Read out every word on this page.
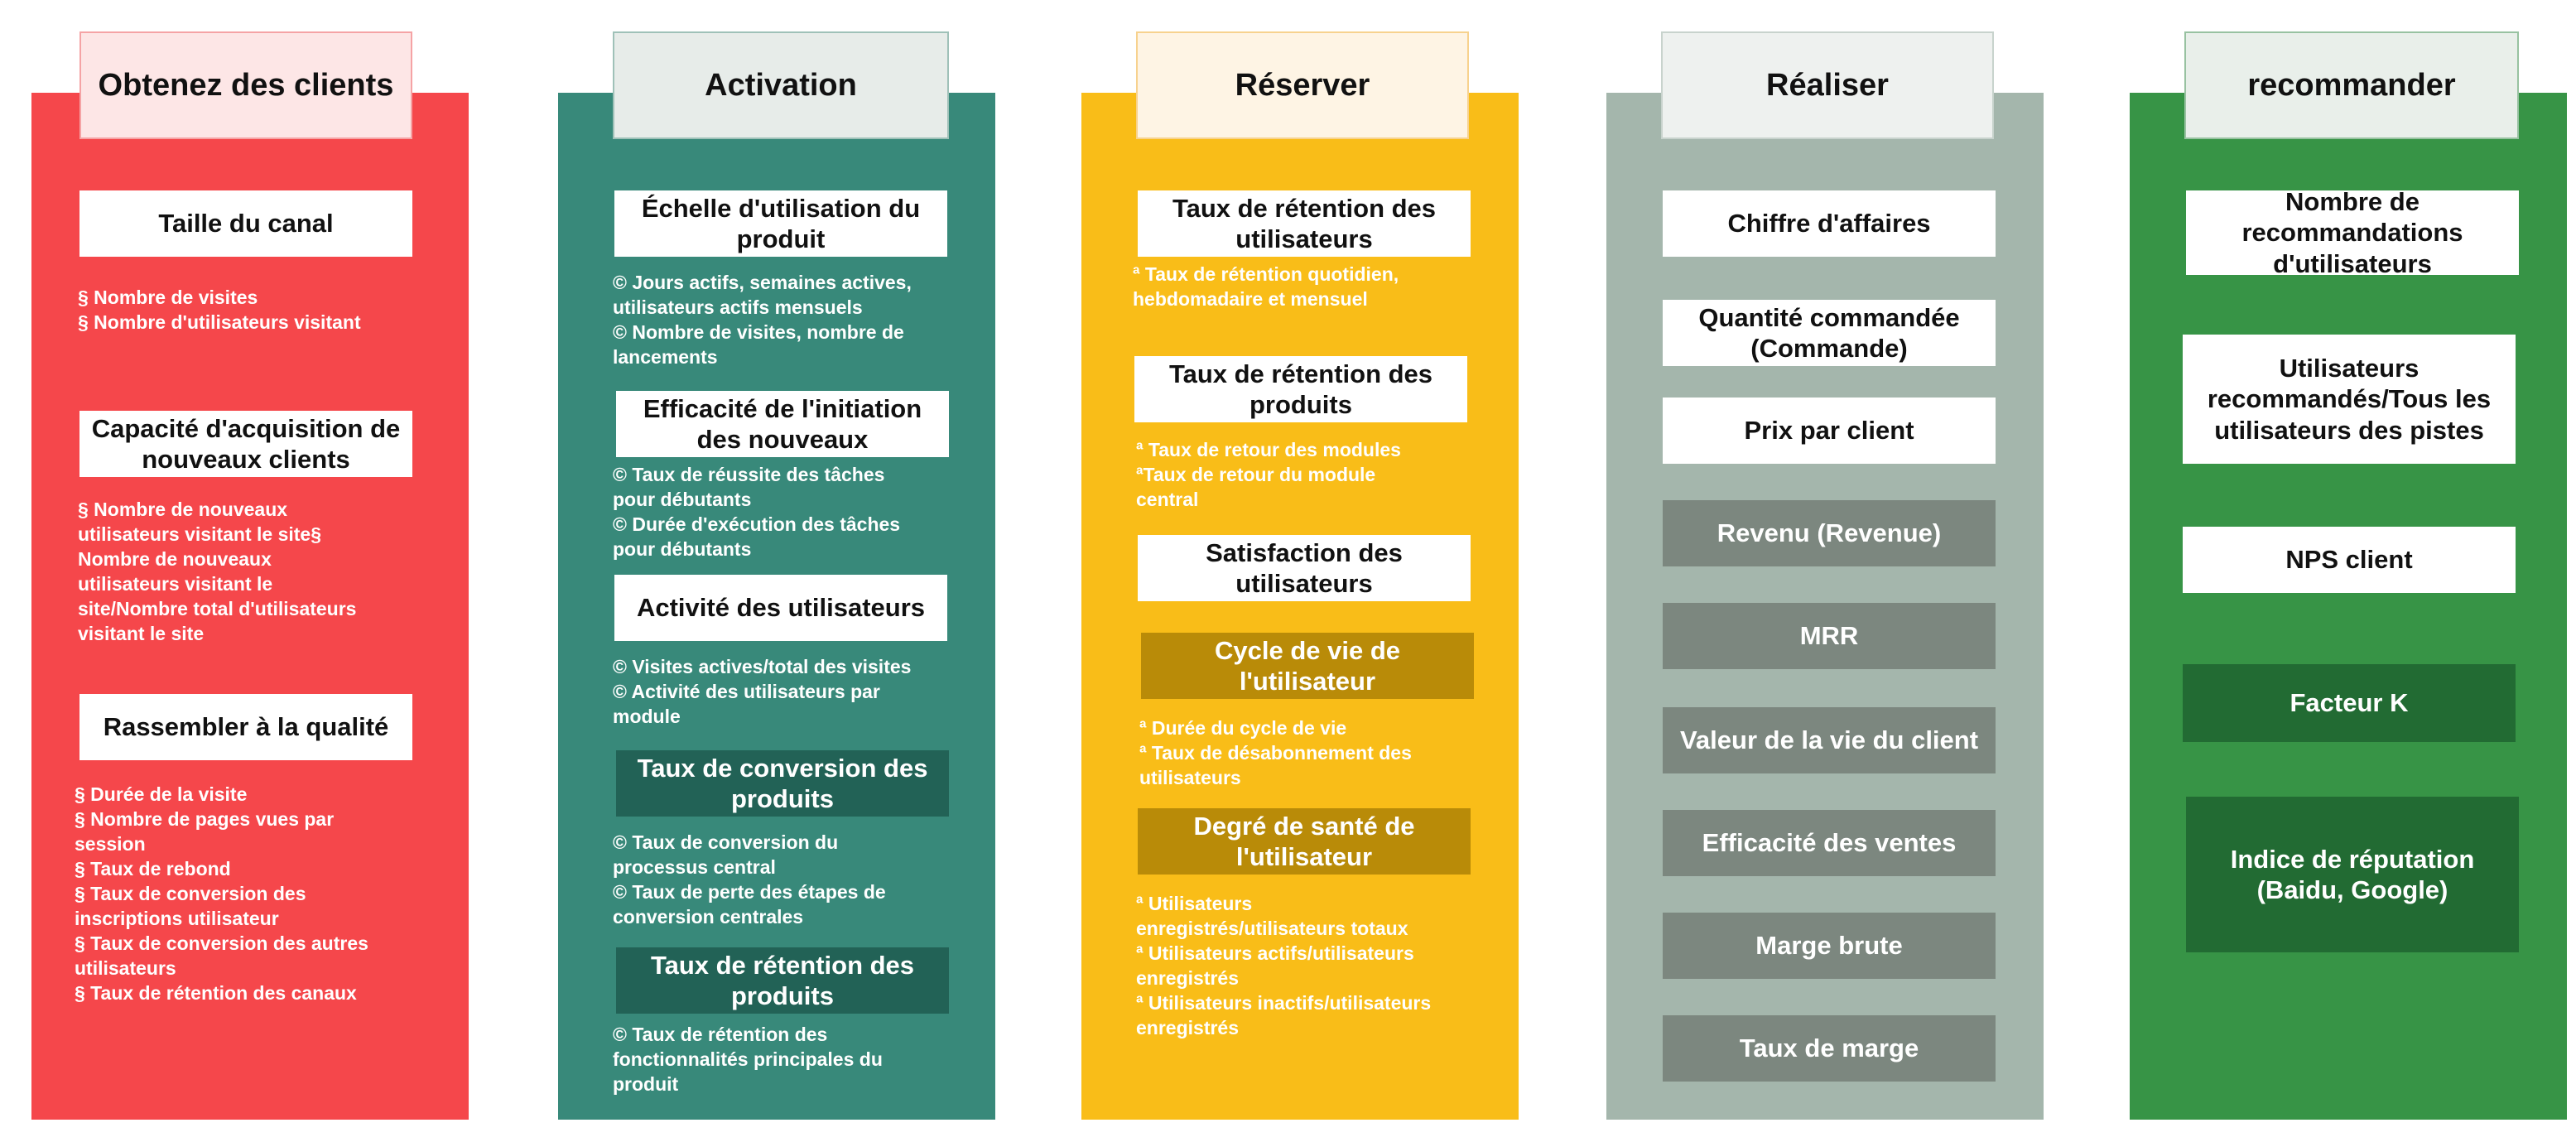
Obtenez des clients
Taille du canal
§ Nombre de visites
§ Nombre d'utilisateurs visitant
Capacité d'acquisition de nouveaux clients
§ Nombre de nouveaux
utilisateurs visitant le site§
Nombre de nouveaux
utilisateurs visitant le
site/Nombre total d'utilisateurs
visitant le site
Rassembler à la qualité
§ Durée de la visite
§ Nombre de pages vues par
session
§ Taux de rebond
§ Taux de conversion des
inscriptions utilisateur
§ Taux de conversion des autres
utilisateurs
§ Taux de rétention des canaux
Activation
Échelle d'utilisation du produit
© Jours actifs, semaines actives,
utilisateurs actifs mensuels
© Nombre de visites, nombre de
lancements
Efficacité de l'initiation des nouveaux
© Taux de réussite des tâches
pour débutants
© Durée d'exécution des tâches
pour débutants
Activité des utilisateurs
© Visites actives/total des visites
© Activité des utilisateurs par
module
Taux de conversion des produits
© Taux de conversion du
processus central
© Taux de perte des étapes de
conversion centrales
Taux de rétention des produits
© Taux de rétention des
fonctionnalités principales du
produit
Réserver
Taux de rétention des utilisateurs
ª Taux de rétention quotidien,
hebdomadaire et mensuel
Taux de rétention des produits
ª Taux de retour des modules
ªTaux de retour du module
central
Satisfaction des utilisateurs
Cycle de vie de l'utilisateur
ª Durée du cycle de vie
ª Taux de désabonnement des
utilisateurs
Degré de santé de l'utilisateur
ª Utilisateurs
enregistrés/utilisateurs totaux
ª Utilisateurs actifs/utilisateurs
enregistrés
ª Utilisateurs inactifs/utilisateurs
enregistrés
Réaliser
Chiffre d'affaires
Quantité commandée (Commande)
Prix par client
Revenu (Revenue)
MRR
Valeur de la vie du client
Efficacité des ventes
Marge brute
Taux de marge
recommander
Nombre de recommandations d'utilisateurs
Utilisateurs recommandés/Tous les utilisateurs des pistes
NPS client
Facteur K
Indice de réputation (Baidu, Google)
